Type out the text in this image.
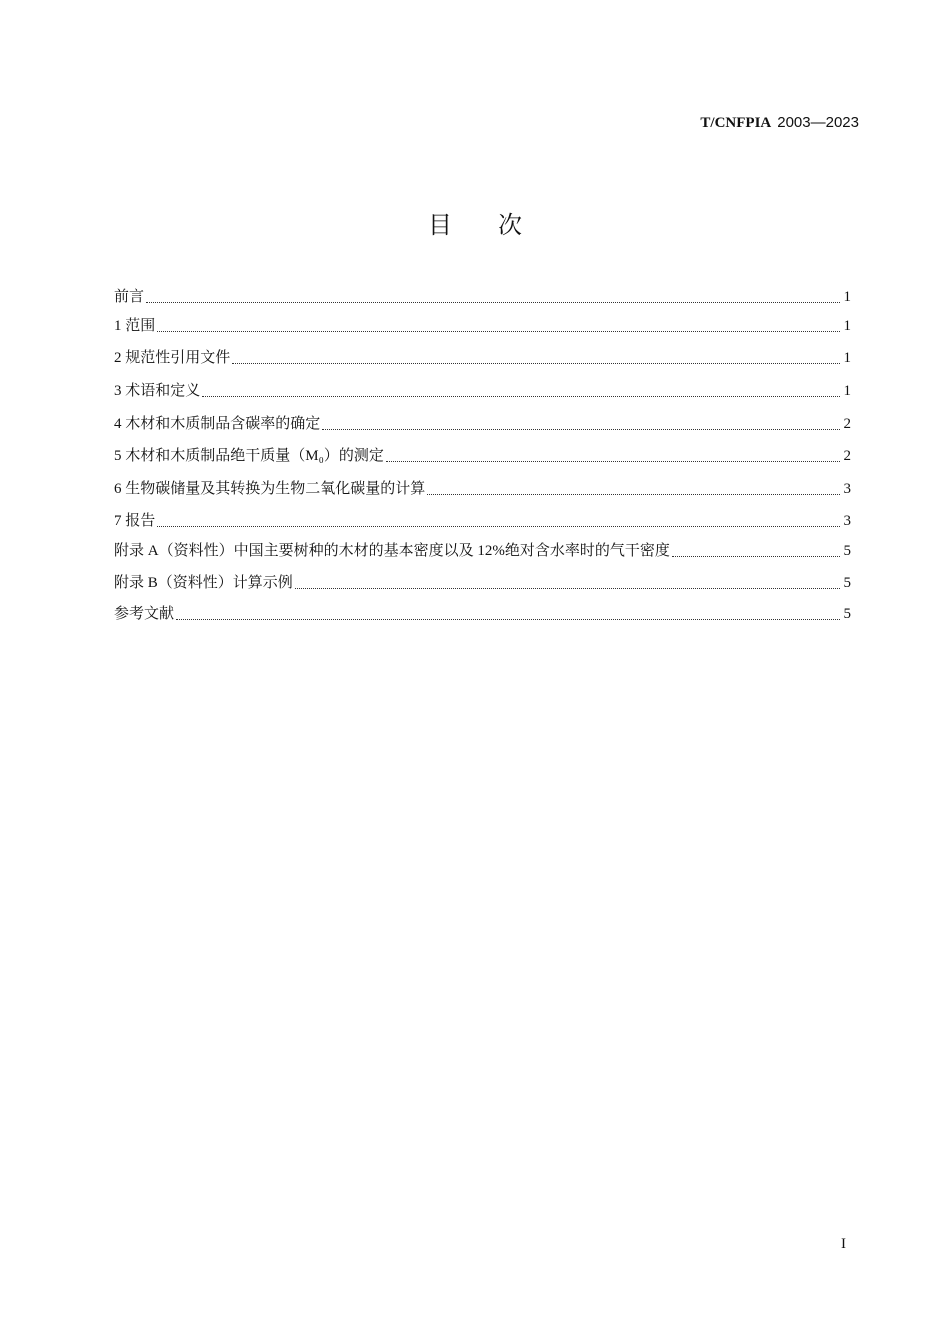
T/CNFPIA 2003—2023
目次
前言	1
1 范围	1
2 规范性引用文件	1
3 术语和定义	1
4 木材和木质制品含碳率的确定	2
5 木材和木质制品绝干质量（M₀）的测定	2
6 生物碳储量及其转换为生物二氧化碳量的计算	3
7 报告	3
附录 A（资料性）中国主要树种的木材的基本密度以及 12%绝对含水率时的气干密度	5
附录 B（资料性）计算示例	5
参考文献	5
I
